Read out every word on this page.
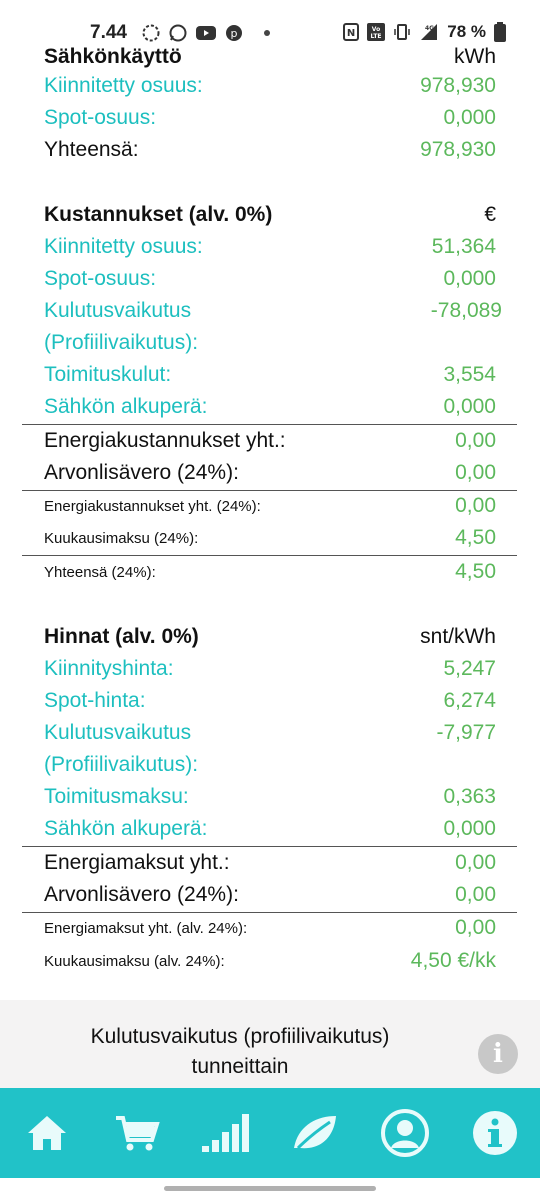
7.44	p	N	Vo
LTE
4G 78 %
Sähkönkäyttö	kWh
Kiinnitetty osuus:	978,930
Spot-osuus:	0,000
Yhteensä:	978,930
Kustannukset (alv. 0%)	€
Kiinnitetty osuus:	51,364
Spot-osuus:	0,000
Kulutusvaikutus	-78,089
(Profiilivaikutus):
Toimituskulut:	3,554
Sähkön alkuperä:	0,000
Energiakustannukset yht.:	0,00
Arvonlisävero (24%):	0,00
Energiakustannukset yht. (24%):	0,00
Kuukausimaksu (24%):	4,50
Yhteensä (24%):	4,50
Hinnat (alv. 0%)	snt/kWh
Kiinnityshinta:	5,247
Spot-hinta:	6,274
Kulutusvaikutus	-7,977
(Profiilivaikutus):
Toimitusmaksu:	0,363
Sähkön alkuperä:	0,000
Energiamaksut yht.:	0,00
Arvonlisävero (24%):	0,00
Energiamaksut yht. (alv. 24%):	0,00
Kuukausimaksu (alv. 24%):	4,50 €/kk
Kulutusvaikutus (profiilivaikutus)
tunneittain	i
